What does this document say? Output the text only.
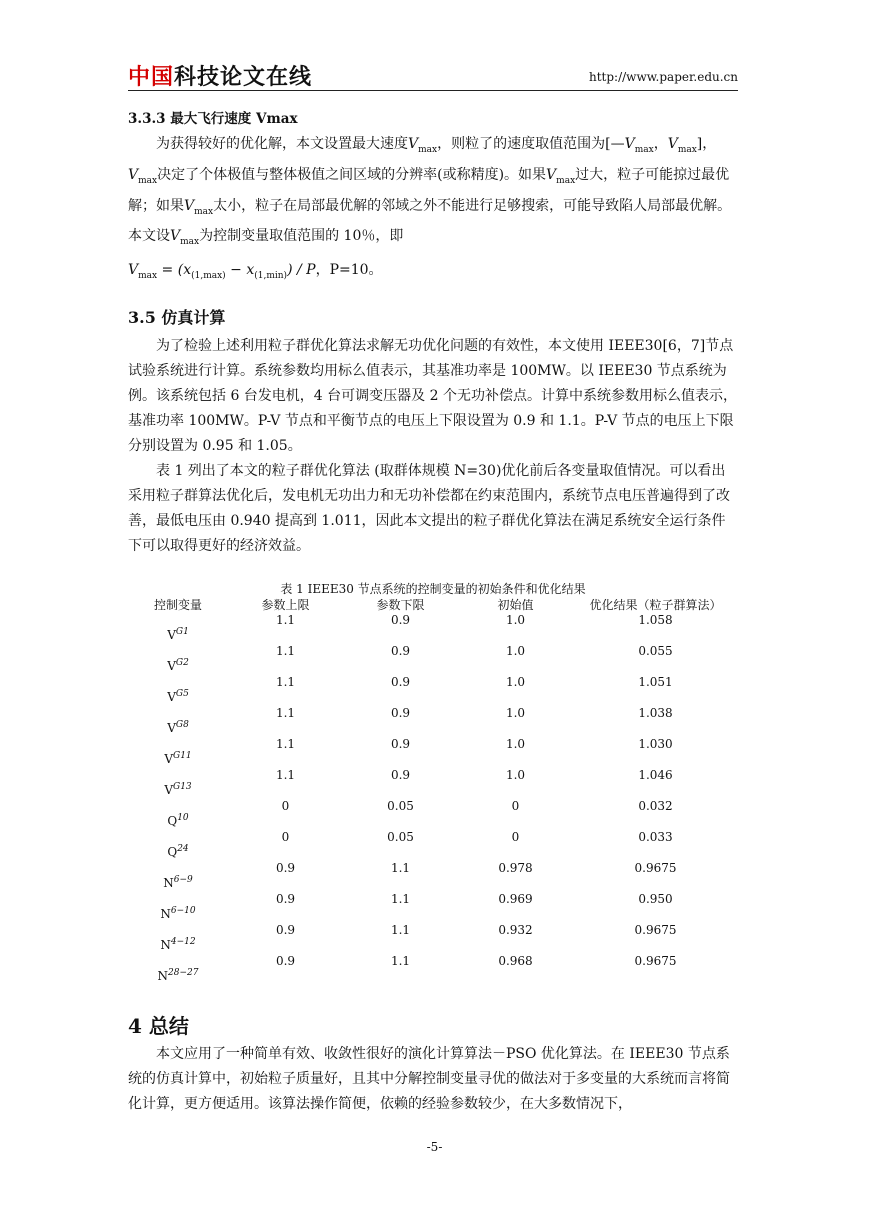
中国科技论文在线	http://www.paper.edu.cn
3.3.3 最大飞行速度 Vmax
为获得较好的优化解，本文设置最大速度$V_{max}$，则粒了的速度取值范围为[$—V_{max}$，$V_{max}$]，$V_{max}$决定了个体极值与整体极值之间区域的分辨率(或称精度)。如果$V_{max}$过大，粒子可能掠过最优解；如果$V_{max}$太小，粒子在局部最优解的邻域之外不能进行足够搜索，可能导致陷人局部最优解。本文设$V_{max}$为控制变量取值范围的 10％，即
$V_{max} = (x_{(1,max)} - x_{(1,min)}) / P$，P=10。
3.5 仿真计算
为了检验上述利用粒子群优化算法求解无功优化问题的有效性，本文使用 IEEE30[6，7]节点试验系统进行计算。系统参数均用标么值表示，其基准功率是 100MW。以 IEEE30 节点系统为例。该系统包括 6 台发电机，4 台可调变压器及 2 个无功补偿点。计算中系统参数用标么值表示，基准功率 100MW。P-V 节点和平衡节点的电压上下限设置为 0.9 和 1.1。P-V 节点的电压上下限分别设置为 0.95 和 1.05。
表 1 列出了本文的粒子群优化算法 (取群体规模 N=30)优化前后各变量取值情况。可以看出采用粒子群算法优化后，发电机无功出力和无功补偿都在约束范围内，系统节点电压普遍得到了改善，最低电压由 0.940 提高到 1.011，因此本文提出的粒子群优化算法在满足系统安全运行条件下可以取得更好的经济效益。
表 1 IEEE30 节点系统的控制变量的初始条件和优化结果
控制变量	参数上限	参数下限	初始值	优化结果（粒子群算法）
$V^{G1}$	1.1	0.9	1.0	1.058
$V^{G2}$	1.1	0.9	1.0	0.055
$V^{G5}$	1.1	0.9	1.0	1.051
$V^{G8}$	1.1	0.9	1.0	1.038
$V^{G11}$	1.1	0.9	1.0	1.030
$V^{G13}$	1.1	0.9	1.0	1.046
$Q^{10}$	0	0.05	0	0.032
$Q^{24}$	0	0.05	0	0.033
$N^{6-9}$	0.9	1.1	0.978	0.9675
$N^{6-10}$	0.9	1.1	0.969	0.950
$N^{4-12}$	0.9	1.1	0.932	0.9675
$N^{28-27}$	0.9	1.1	0.968	0.9675
4 总结
本文应用了一种简单有效、收敛性很好的演化计算算法－PSO 优化算法。在 IEEE30 节点系统的仿真计算中，初始粒子质量好，且其中分解控制变量寻优的做法对于多变量的大系统而言将简化计算，更方便适用。该算法操作简便，依赖的经验参数较少，在大多数情况下，
-5-
